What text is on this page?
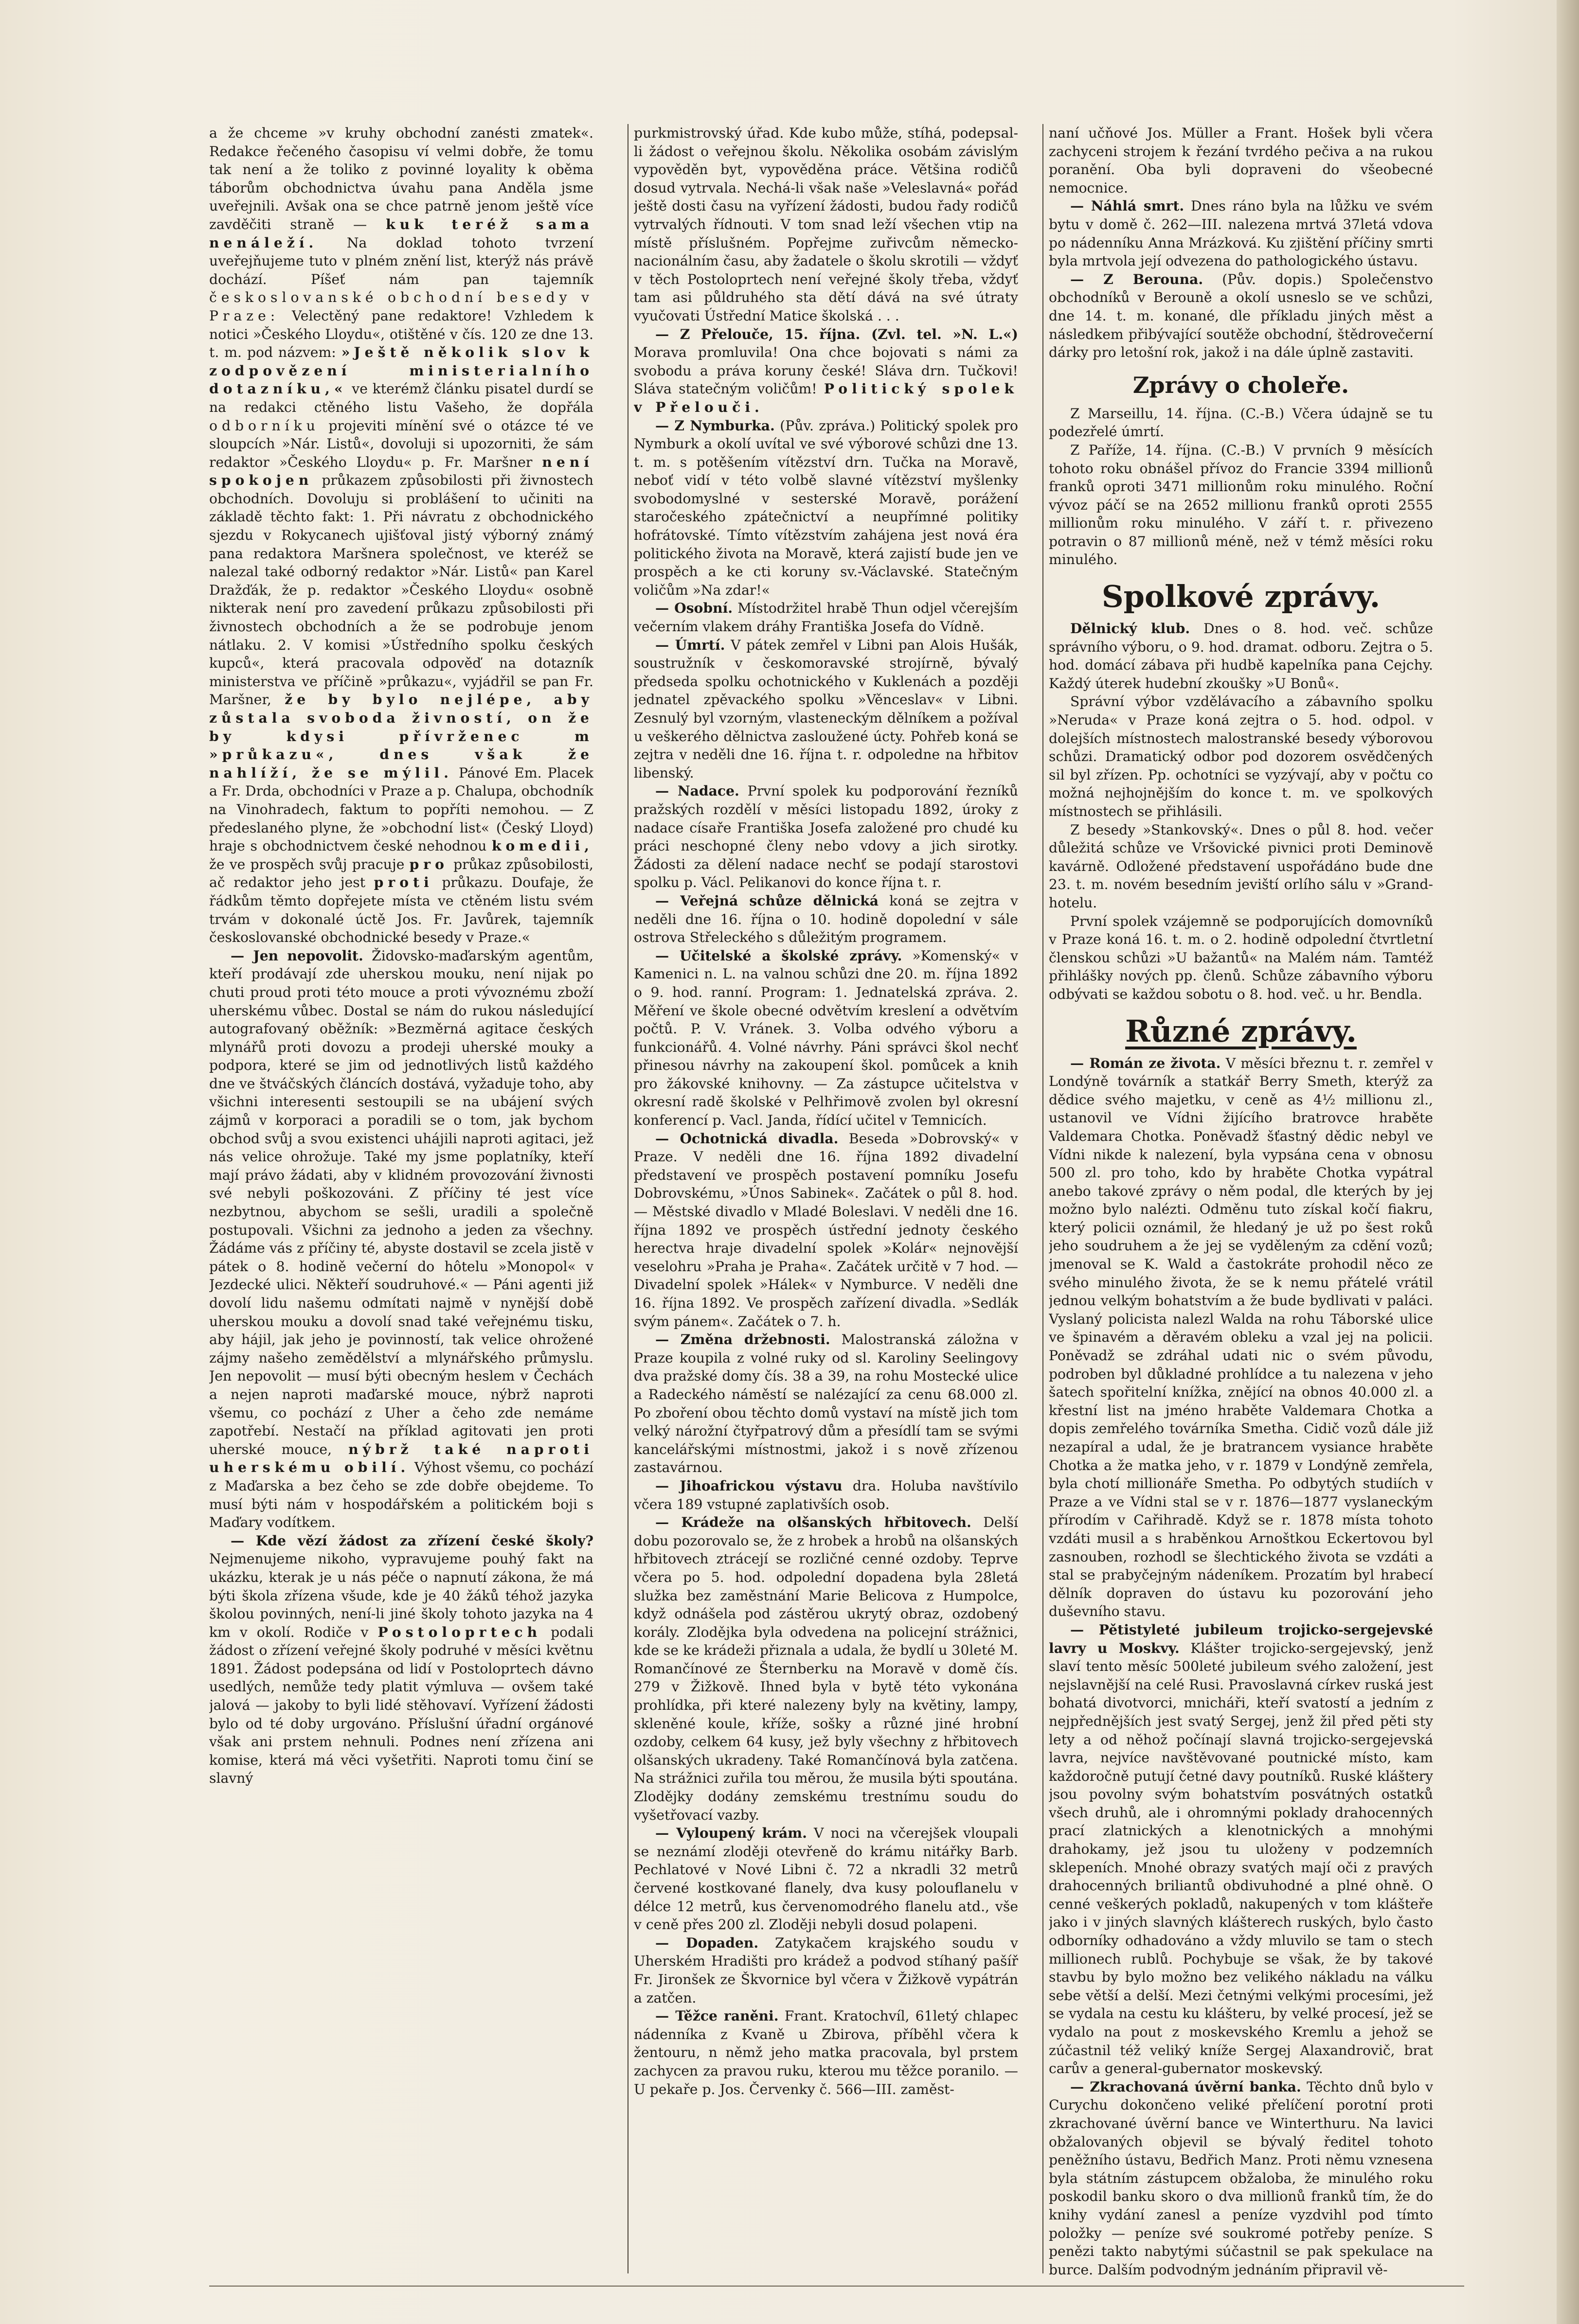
a že chceme »v kruhy obchodní zanésti zmatek«. Redakce řečeného časopisu ví velmi dobře, že tomu tak není a že toliko z povinné loyality k oběma táborům obchodnictva úvahu pana Anděla jsme uveřejnili. Avšak ona se chce patrně jenom ještě více zavděčiti straně — kuk teréž sama nenáleží. Na doklad tohoto tvrzení uveřejňujeme tuto v plném znění list, kterýž nás právě dochází. Píšeť nám pan tajemník českoslovanské obchodní besedy v Praze: Velectěný pane redaktore! Vzhledem k notici »Českého Lloydu«, otištěné v čís. 120 ze dne 13. t. m. pod názvem: »Ještě několik slov k zodpovězení ministerialního dotazníku,« ve kterémž článku pisatel durdí se na redakci ctěného listu Vašeho, že dopřála odborníku projeviti mínění své o otázce té ve sloupcích »Nár. Listů«, dovoluji si upozorniti, že sám redaktor »Českého Lloydu« p. Fr. Maršner není spokojen průkazem způsobilosti při živnostech obchodních. Dovoluju si problášení to učiniti na základě těchto fakt: 1. Při návratu z obchodnického sjezdu v Rokycanech ujišťoval jistý výborný známý pana redaktora Maršnera společnost, ve kteréž se nalezal také odborný redaktor »Nár. Listů« pan Karel Dražďák, že p. redaktor »Českého Lloydu« osobně nikterak není pro zavedení průkazu způsobilosti při živnostech obchodních a že se podrobuje jenom nátlaku. 2. V komisi »Ústředního spolku českých kupců«, která pracovala odpověď na dotazník ministerstva ve příčině »průkazu«, vyjádřil se pan Fr. Maršner, že by bylo nejlépe, aby zůstala svoboda živností, on že by kdysi přívrženec m »průkazu«, dnes však že nahlíží, že se mýlil. Pánové Em. Placek a Fr. Drda, obchodníci v Praze a p. Chalupa, obchodník na Vinohradech, faktum to popříti nemohou. — Z předeslaného plyne, že »obchodní list« (Český Lloyd) hraje s obchodnictvem české nehodnou komedii, že ve prospěch svůj pracuje pro průkaz způsobilosti, ač redaktor jeho jest proti průkazu. Doufaje, že řádkům těmto dopřejete místa ve ctěném listu svém trvám v dokonalé úctě Jos. Fr. Javůrek, tajemník českoslovanské obchodnické besedy v Praze.«

— Jen nepovolit. Židovsko-maďarským agentům, kteří prodávají zde uherskou mouku, není nijak po chuti proud proti této mouce a proti vývoznému zboží uherskému vůbec. Dostal se nám do rukou následující autografovaný oběžník: »Bezměrná agitace českých mlynářů proti dovozu a prodeji uherské mouky a podpora, které se jim od jednotlivých listů každého dne ve štváčských článcích dostává, vyžaduje toho, aby všichni interesenti sestoupili se na ubájení svých zájmů v korporaci a poradili se o tom, jak bychom obchod svůj a svou existenci uhájili naproti agitaci, jež nás velice ohrožuje. Také my jsme poplatníky, kteří mají právo žádati, aby v klidném provozování živnosti své nebyli poškozováni. Z příčiny té jest více nezbytnou, abychom se sešli, uradili a společně postupovali. Všichni za jednoho a jeden za všechny. Žádáme vás z příčiny té, abyste dostavil se zcela jistě v pátek o 8. hodině večerní do hôtelu »Monopol« v Jezdecké ulici. Někteří soudruhové.« — Páni agenti již dovolí lidu našemu odmítati najmě v nynější době uherskou mouku a dovolí snad také veřejnému tisku, aby hájil, jak jeho je povinností, tak velice ohrožené zájmy našeho zemědělství a mlynářského průmyslu. Jen nepovolit — musí býti obecným heslem v Čechách a nejen naproti maďarské mouce, nýbrž naproti všemu, co pochází z Uher a čeho zde nemáme zapotřebí. Nestačí na příklad agitovati jen proti uherské mouce, nýbrž také naproti uherskému obilí. Výhost všemu, co pochází z Maďarska a bez čeho se zde dobře obejdeme. To musí býti nám v hospodářském a politickém boji s Maďary vodítkem.

— Kde vězí žádost za zřízení české školy? Nejmenujeme nikoho, vypravujeme pouhý fakt na ukázku, kterak je u nás péče o napnutí zákona, že má býti škola zřízena všude, kde je 40 žáků téhož jazyka školou povinných, není-li jiné školy tohoto jazyka na 4 km v okolí. Rodiče v Postoloprtech podali žádost o zřízení veřejné školy podruhé v měsíci květnu 1891. Žádost podepsána od lidí v Postoloprtech dávno usedlých, nemůže tedy platit výmluva — ovšem také jalová — jakoby to byli lidé stěhovaví. Vyřízení žádosti bylo od té doby urgováno. Příslušní úřadní orgánové však ani prstem nehnuli. Podnes není zřízena ani komise, která má věci vyšetřiti. Naproti tomu činí se slavný

purkmistrovský úřad. Kde kubo může, stíhá, podepsal-li žádost o veřejnou školu. Několika osobám závislým vypověděn byt, vypověděna práce. Většina rodičů dosud vytrvala. Nechá-li však naše »Veleslavná« pořád ještě dosti času na vyřízení žádosti, budou řady rodičů vytrvalých řídnouti. V tom snad leží všechen vtip na místě příslušném. Popřejme zuřivcům německo-nacionálním času, aby žadatele o školu skrotili — vždyť v těch Postoloprtech není veřejné školy třeba, vždyť tam asi půldruhého sta dětí dává na své útraty vyučovati Ústřední Matice školská . . .

— Z Přelouče, 15. října. (Zvl. tel. »N. L.«) Morava promluvila! Ona chce bojovati s námi za svobodu a práva koruny české! Sláva drn. Tučkovi! Sláva statečným voličům! Politický spolek v Přelouči.

— Z Nymburka. (Pův. zpráva.) Politický spolek pro Nymburk a okolí uvítal ve své výborové schůzi dne 13. t. m. s potěšením vítězství drn. Tučka na Moravě, neboť vidí v této volbě slavné vítězství myšlenky svobodomyslné v sesterské Moravě, porážení staročeského zpátečnictví a neupřímné politiky hofrátovské. Tímto vítězstvím zahájena jest nová éra politického života na Moravě, která zajistí bude jen ve prospěch a ke cti koruny sv.-Václavské. Statečným voličům »Na zdar!«

— Osobní. Místodržitel hrabě Thun odjel včerejším večerním vlakem dráhy Františka Josefa do Vídně.

— Úmrtí. V pátek zemřel v Libni pan Alois Hušák, soustružník v českomoravské strojírně, bývalý předseda spolku ochotnického v Kuklenách a později jednatel zpěvackého spolku »Věnceslav« v Libni. Zesnulý byl vzorným, vlasteneckým dělníkem a požíval u veškerého dělnictva zasloužené úcty. Pohřeb koná se zejtra v neděli dne 16. října t. r. odpoledne na hřbitov libenský.

— Nadace. První spolek ku podporování řezníků pražských rozdělí v měsíci listopadu 1892, úroky z nadace císaře Františka Josefa založené pro chudé ku práci neschopné členy nebo vdovy a jich sirotky. Žádosti za dělení nadace nechť se podají starostovi spolku p. Václ. Pelikanovi do konce října t. r.

— Veřejná schůze dělnická koná se zejtra v neděli dne 16. října o 10. hodině dopolední v sále ostrova Střeleckého s důležitým programem.

— Učitelské a školské zprávy. »Komenský« v Kamenici n. L. na valnou schůzi dne 20. m. října 1892 o 9. hod. ranní. Program: 1. Jednatelská zpráva. 2. Měření ve škole obecné odvětvím kreslení a odvětvím počtů. P. V. Vránek. 3. Volba odvého výboru a funkcionářů. 4. Volné návrhy. Páni správci škol nechť přinesou návrhy na zakoupení škol. pomůcek a knih pro žákovské knihovny. — Za zástupce učitelstva v okresní radě školské v Pelhřimově zvolen byl okresní konferencí p. Vacl. Janda, řídící učitel v Temnicích.

— Ochotnická divadla. Beseda »Dobrovský« v Praze. V neděli dne 16. října 1892 divadelní představení ve prospěch postavení pomníku Josefu Dobrovskému, »Únos Sabinek«. Začátek o půl 8. hod. — Městské divadlo v Mladé Boleslavi. V neděli dne 16. října 1892 ve prospěch ústřední jednoty českého herectva hraje divadelní spolek »Kolár« nejnovější veselohru »Praha je Praha«. Začátek určitě v 7 hod. — Divadelní spolek »Hálek« v Nymburce. V neděli dne 16. října 1892. Ve prospěch zařízení divadla. »Sedlák svým pánem«. Začátek o 7. h.

— Změna držebnosti. Malostranská záložna v Praze koupila z volné ruky od sl. Karoliny Seelingovy dva pražské domy čís. 38 a 39, na rohu Mostecké ulice a Radeckého náměstí se nalézající za cenu 68.000 zl. Po zboření obou těchto domů vystaví na místě jich tom velký nárožní čtyřpatrový dům a přesídlí tam se svými kancelářskými místnostmi, jakož i s nově zřízenou zastavárnou.

— Jihoafrickou výstavu dra. Holuba navštívilo včera 189 vstupné zaplativších osob.

— Krádeže na olšanských hřbitovech. Delší dobu pozorovalo se, že z hrobek a hrobů na olšanských hřbitovech ztrácejí se rozličné cenné ozdoby. Teprve včera po 5. hod. odpolední dopadena byla 28letá služka bez zaměstnání Marie Belicova z Humpolce, když odnášela pod zástěrou ukrytý obraz, ozdobený korály. Zlodějka byla odvedena na policejní strážnici, kde se ke krádeži přiznala a udala, že bydlí u 30leté M. Romančínové ze Šternberku na Moravě v domě čís. 279 v Žižkově. Ihned byla v bytě této vykonána prohlídka, při které nalezeny byly na květiny, lampy, skleněné koule, kříže, sošky a různé jiné hrobní ozdoby, celkem 64 kusy, jež byly všechny z hřbitovech olšanských ukradeny. Také Romančínová byla zatčena. Na strážnici zuřila tou měrou, že musila býti spoutána. Zlodějky dodány zemskému trestnímu soudu do vyšetřovací vazby.

— Vyloupený krám. V noci na včerejšek vloupali se neznámí zloději otevřeně do krámu nitářky Barb. Pechlatové v Nové Libni č. 72 a nkradli 32 metrů červené kostkované flanely, dva kusy polouflanelu v délce 12 metrů, kus červenomodrého flanelu atd., vše v ceně přes 200 zl. Zloději nebyli dosud polapeni.

— Dopaden. Zatykačem krajského soudu v Uherském Hradišti pro krádež a podvod stíhaný pašíř Fr. Jironšek ze Škvornice byl včera v Žižkově vypátrán a zatčen.

— Těžce raněni. Frant. Kratochvíl, 61letý chlapec nádenníka z Kvaně u Zbirova, příběhl včera k žentouru, n němž jeho matka pracovala, byl prstem zachycen za pravou ruku, kterou mu těžce poranilo. — U pekaře p. Jos. Červenky č. 566—III. zaměst-

naní učňové Jos. Müller a Frant. Hošek byli včera zachyceni strojem k řezání tvrdého pečiva a na rukou poranění. Oba byli dopraveni do všeobecné nemocnice.

— Náhlá smrt. Dnes ráno byla na lůžku ve svém bytu v domě č. 262—III. nalezena mrtvá 37letá vdova po nádenníku Anna Mrázková. Ku zjištění příčiny smrti byla mrtvola její odvezena do pathologického ústavu.

— Z Berouna. (Pův. dopis.) Společenstvo obchodníků v Berouně a okolí usneslo se ve schůzi, dne 14. t. m. konané, dle příkladu jiných měst a následkem přibývající soutěže obchodní, štědrovečerní dárky pro letošní rok, jakož i na dále úplně zastaviti.

Zprávy o choleře.

Z Marseillu, 14. října. (C.-B.) Včera údajně se tu podezřelé úmrtí.

Z Paříže, 14. října. (C.-B.) V prvních 9 měsících tohoto roku obnášel přívoz do Francie 3394 millionů franků oproti 3471 millionům roku minulého. Roční vývoz páčí se na 2652 millionu franků oproti 2555 millionům roku minulého. V září t. r. přivezeno potravin o 87 millionů méně, než v témž měsíci roku minulého.

Spolkové zprávy.

Dělnický klub. Dnes o 8. hod. več. schůze správního výboru, o 9. hod. dramat. odboru. Zejtra o 5. hod. domácí zábava při hudbě kapelníka pana Cejchy. Každý úterek hudební zkoušky »U Bonů«.

Správní výbor vzdělávacího a zábavního spolku »Neruda« v Praze koná zejtra o 5. hod. odpol. v dolejších místnostech malostranské besedy výborovou schůzi. Dramatický odbor pod dozorem osvědčených sil byl zřízen. Pp. ochotníci se vyzývají, aby v počtu co možná nejhojnějším do konce t. m. ve spolkových místnostech se přihlásili.

Z besedy »Stankovský«. Dnes o půl 8. hod. večer důležitá schůze ve Vršovické pivnici proti Deminově kavárně. Odložené představení uspořádáno bude dne 23. t. m. novém besedním jeviští orlího sálu v »Grand-hotelu.

První spolek vzájemně se podporujících domovníků v Praze koná 16. t. m. o 2. hodině odpolední čtvrtletní členskou schůzi »U bažantů« na Malém nám. Tamtéž přihlášky nových pp. členů. Schůze zábavního výboru odbývati se každou sobotu o 8. hod. več. u hr. Bendla.

Různé zprávy.

— Román ze života. V měsíci březnu t. r. zemřel v Londýně továrník a statkář Berry Smeth, kterýž za dědice svého majetku, v ceně as 4½ millionu zl., ustanovil ve Vídni žijícího bratrovce hraběte Valdemara Chotka. Poněvadž šťastný dědic nebyl ve Vídni nikde k nalezení, byla vypsána cena v obnosu 500 zl. pro toho, kdo by hraběte Chotka vypátral anebo takové zprávy o něm podal, dle kterých by jej možno bylo nalézti. Odměnu tuto získal kočí fiakru, který policii oznámil, že hledaný je už po šest roků jeho soudruhem a že jej se vyděleným za cdění vozů; jmenoval se K. Wald a častokráte prohodil něco ze svého minulého života, že se k nemu přátelé vrátil jednou velkým bohatstvím a že bude bydlivati v paláci. Vyslaný policista nalezl Walda na rohu Táborské ulice ve špinavém a děravém obleku a vzal jej na policii. Poněvadž se zdráhal udati nic o svém původu, podroben byl důkladné prohlídce a tu nalezena v jeho šatech spořitelní knížka, znějící na obnos 40.000 zl. a křestní list na jméno hraběte Valdemara Chotka a dopis zemřelého továrníka Smetha. Cidič vozů dále již nezapíral a udal, že je bratrancem vysiance hraběte Chotka a že matka jeho, v r. 1879 v Londýně zemřela, byla chotí millionáře Smetha. Po odbytých studiích v Praze a ve Vídni stal se v r. 1876—1877 vyslaneckým přírodím v Cařihradě. Když se r. 1878 místa tohoto vzdáti musil a s hraběnkou Arnoštkou Eckertovou byl zasnouben, rozhodl se šlechtického života se vzdáti a stal se prabyčejným nádeníkem. Prozatím byl hrabecí dělník dopraven do ústavu ku pozorování jeho duševního stavu.

— Pětistyleté jubileum trojicko-sergejevské lavry u Moskvy. Klášter trojicko-sergejevský, jenž slaví tento měsíc 500leté jubileum svého založení, jest nejslavnější na celé Rusi. Pravoslavná církev ruská jest bohatá divotvorci, mnicháři, kteří svatostí a jedním z nejpřednějších jest svatý Sergej, jenž žil před pěti sty lety a od něhož počínají slavná trojicko-sergejevská lavra, nejvíce navštěvované poutnické místo, kam každoročně putují četné davy poutníků. Ruské kláštery jsou povolny svým bohatstvím posvátných ostatků všech druhů, ale i ohromnými poklady drahocenných prací zlatnických a klenotnických a mnohými drahokamy, jež jsou tu uloženy v podzemních sklepeních. Mnohé obrazy svatých mají oči z pravých drahocenných briliantů obdivuhodné a plné ohně. O cenné veškerých pokladů, nakupených v tom klášteře jako i v jiných slavných klášterech ruských, bylo často odborníky odhadováno a vždy mluvilo se tam o stech millionech rublů. Pochybuje se však, že by takové stavbu by bylo možno bez velikého nákladu na válku sebe větší a delší. Mezi četnými velkými procesími, jež se vydala na cestu ku klášteru, by velké procesí, jež se vydalo na pout z moskevského Kremlu a jehož se zúčastnil též veliký kníže Sergej Alaxandrovič, brat carův a general-gubernator moskevský.

— Zkrachovaná úvěrní banka. Těchto dnů bylo v Curychu dokončeno veliké přelíčení porotní proti zkrachované úvěrní bance ve Winterthuru. Na lavici obžalovaných objevil se bývalý ředitel tohoto peněžního ústavu, Bedřich Manz. Proti němu vznesena byla státním zástupcem obžaloba, že minulého roku poskodil banku skoro o dva millionů franků tím, že do knihy vydání zanesl a peníze vyzdvihl pod tímto položky — peníze své soukromé potřeby peníze. S penězi takto nabytými súčastnil se pak spekulace na burce. Dalším podvodným jednáním připravil vě-
